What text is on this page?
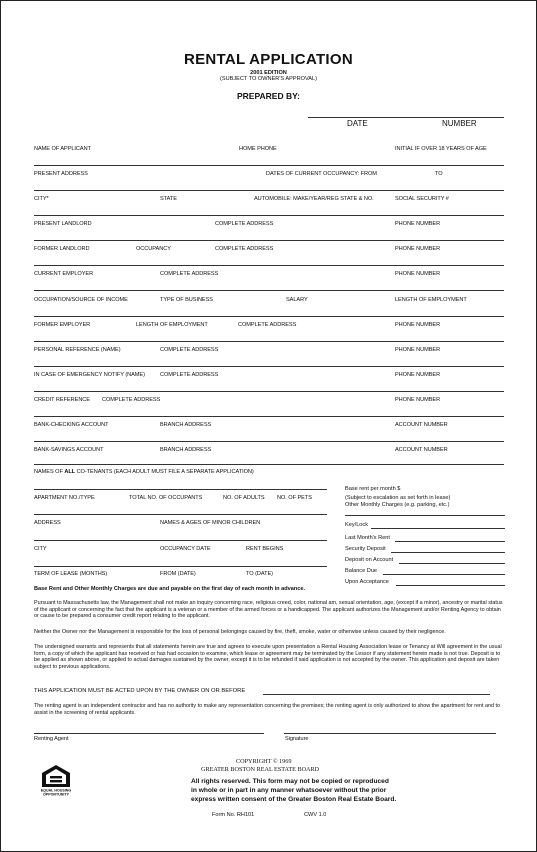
RENTAL APPLICATION
2001 EDITION
(SUBJECT TO OWNER'S APPROVAL)
PREPARED BY:
DATE	NUMBER
NAME OF APPLICANT	HOME PHONE	INITIAL IF OVER 18 YEARS OF AGE
PRESENT ADDRESS	DATES OF CURRENT OCCUPANCY: FROM	TO
CITY*	STATE	AUTOMOBILE: MAKE/YEAR/REG STATE & NO.	SOCIAL SECURITY #
PRESENT LANDLORD	COMPLETE ADDRESS	PHONE NUMBER
FORMER LANDLORD	OCCUPANCY	COMPLETE ADDRESS	PHONE NUMBER
CURRENT EMPLOYER	COMPLETE ADDRESS	PHONE NUMBER
OCCUPATION/SOURCE OF INCOME	TYPE OF BUSINESS	SALARY	LENGTH OF EMPLOYMENT
FORMER EMPLOYER	LENGTH OF EMPLOYMENT	COMPLETE ADDRESS	PHONE NUMBER
PERSONAL REFERENCE (NAME)	COMPLETE ADDRESS	PHONE NUMBER
IN CASE OF EMERGENCY NOTIFY (NAME)	COMPLETE ADDRESS	PHONE NUMBER
CREDIT REFERENCE COMPLETE ADDRESS	PHONE NUMBER
BANK-CHECKING ACCOUNT	BRANCH ADDRESS	ACCOUNT NUMBER
BANK-SAVINGS ACCOUNT	BRANCH ADDRESS	ACCOUNT NUMBER
NAMES OF ALL CO-TENANTS (EACH ADULT MUST FILE A SEPARATE APPLICATION)
APARTMENT NO./TYPE	TOTAL NO. OF OCCUPANTS	NO. OF ADULTS NO. OF PETS
ADDRESS	NAMES & AGES OF MINOR CHILDREN
CITY	OCCUPANCY DATE	RENT BEGINS
TERM OF LEASE (MONTHS)	FROM (DATE)	TO (DATE)
Base rent per month $
(Subject to escalation as set forth in lease)
Other Monthly Charges (e.g. parking, etc.)
Key/Lock
Last Month's Rent
Security Deposit
Deposit on Account
Balance Due
Upon Acceptance
Base Rent and Other Monthly Charges are due and payable on the first day of each month in advance.
Pursuant to Massachusetts law, the Management shall not make an inquiry concerning race, religious creed, color, national am, sexual orientation, age, (except if a minor), ancestry or marital status of the applicant or concerning the fact that the applicant is a veteran or a member of the armed forces or a handicapped. The applicant authorizes the Management and/or Renting Agency to obtain or cause to be prepared a consumer credit report relating to the applicant.
Neither the Owner nor the Management is responsible for the loss of personal belongings caused by fire, theft, smoke, water or otherwise unless caused by their negligence.
The undersigned warrants and represents that all statements herein are true and agrees to execute upon presentation a Rental Housing Association lease or Tenancy at Will agreement in the usual form, a copy of which the applicant has received or has had occasion to examine, which lease or agreement may be terminated by the Lessor if any statement herein made is not true. Deposit is to be applied as shown above, or applied to actual damages sustained by the owner, except it is to be refunded if said application is not accepted by the owner. This application and deposit are taken subject to previous applications.
THIS APPLICATION MUST BE ACTED UPON BY THE OWNER ON OR BEFORE
The renting agent is an independent contractor and has no authority to make any representation concerning the premises; the renting agent is only authorized to show the apartment for rent and to assist in the screening of rental applicants.
Renting Agent	Signature
COPYRIGHT © 1969
GREATER BOSTON REAL ESTATE BOARD
All rights reserved. This form may not be copied or reproduced
in whole or in part in any manner whatsoever without the prior
express written consent of the Greater Boston Real Estate Board.
Form No. RH101	CWV 1.0
EQUAL HOUSING
OPPORTUNITY
